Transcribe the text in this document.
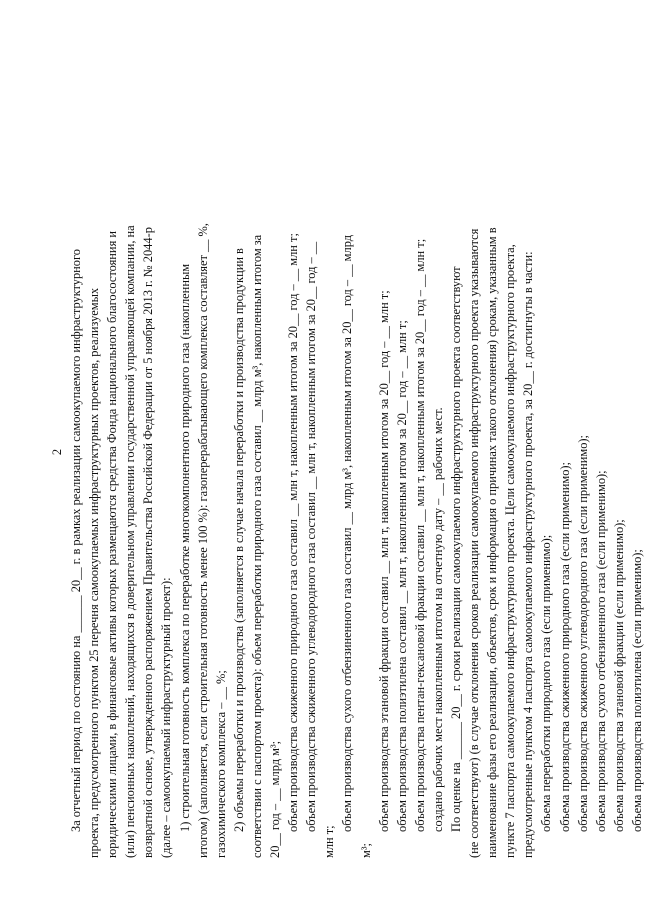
2 За отчетный период по состоянию на ______ 20__ г. в рамках реализации самоокупаемого инфраструктурного проекта, предусмотренного пунктом 25 перечня самоокупаемых инфраструктурных проектов, реализуемых юридическими лицами, в финансовые активы которых размещаются средства Фонда национального благосостояния и (или) пенсионных накоплений, находящихся в доверительном управлении государственной управляющей компании, на возвратной основе, утвержденного распоряжением Правительства Российской Федерации от 5 ноября 2013 г. № 2044-р (далее – самоокупаемый инфраструктурный проект): 1) строительная готовность комплекса по переработке многокомпонентного природного газа (накопленным итогом) (заполняется, если строительная готовность менее 100 %): газоперерабатывающего комплекса составляет __ %, газохимического комплекса – __ %; 2) объемы переработки и производства (заполняется в случае начала переработки и производства продукции в соответствии с паспортом проекта): объем переработки природного газа составил __ млрд м³, накопленным итогом за 20__ год – __ млрд м³; объем производства сжиженного природного газа составил __ млн т, накопленным итогом за 20__ год – __ млн т; объем производства сжиженного углеводородного газа составил __ млн т, накопленным итогом за 20__ год – __
млн т;
объем производства сухого отбензиненного газа составил __ млрд м³, накопленным итогом за 20__ год – __ млрд
м³;
объем производства этановой фракции составил __ млн т, накопленным итогом за 20__ год – __ млн т; объем производства полиэтилена составил __ млн т, накопленным итогом за 20__ год – __ млн т; объем производства пентан-гексановой фракции составил __ млн т, накопленным итогом за 20__ год – __ млн т; создано рабочих мест накопленным итогом на отчетную дату – __ рабочих мест. По оценке на ______ 20__ г. сроки реализации самоокупаемого инфраструктурного проекта соответствуют (не соответствуют) (в случае отклонения сроков реализации самоокупаемого инфраструктурного проекта указываются наименование фазы его реализации, объектов, срок и информация о причинах такого отклонения) срокам, указанным в пункте 7 паспорта самоокупаемого инфраструктурного проекта. Цели самоокупаемого инфраструктурного проекта, предусмотренные пунктом 4 паспорта самоокупаемого инфраструктурного проекта, за 20__ г. достигнуты в части: объема переработки природного газа (если применимо); объема производства сжиженного природного газа (если применимо); объема производства сжиженного углеводородного газа (если применимо); объема производства сухого отбензиненного газа (если применимо); объема производства этановой фракции (если применимо); объема производства полиэтилена (если применимо);
